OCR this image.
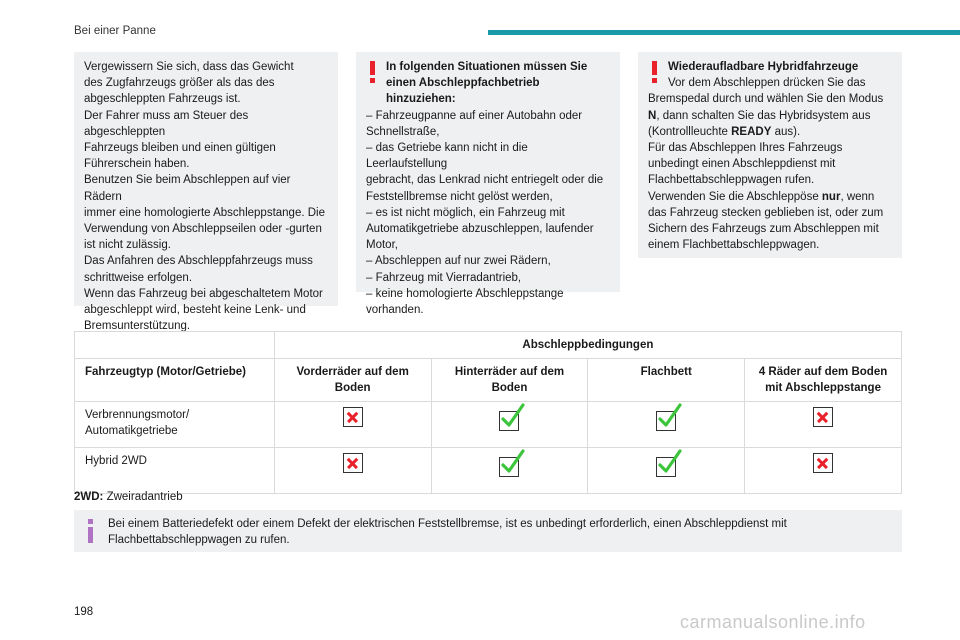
Bei einer Panne

Vergewissern Sie sich, dass das Gewicht

des Zugfahrzeugs größer als das des

abgeschleppten Fahrzeugs ist.

Der Fahrer muss am Steuer des abgeschleppten

Fahrzeugs bleiben und einen gültigen

Führerschein haben.

Benutzen Sie beim Abschleppen auf vier Rädern

immer eine homologierte Abschleppstange. Die

Verwendung von Abschleppseilen oder -gurten

ist nicht zulässig.

Das Anfahren des Abschleppfahrzeugs muss

schrittweise erfolgen.

Wenn das Fahrzeug bei abgeschaltetem Motor

abgeschleppt wird, besteht keine Lenk- und

Bremsunterstützung.

In folgenden Situationen müssen Sie

einen Abschleppfachbetrieb hinzuziehen:

– Fahrzeugpanne auf einer Autobahn oder

Schnellstraße,

– das Getriebe kann nicht in die Leerlaufstellung

gebracht, das Lenkrad nicht entriegelt oder die

Feststellbremse nicht gelöst werden,

– es ist nicht möglich, ein Fahrzeug mit

Automatikgetriebe abzuschleppen, laufender

Motor,

– Abschleppen auf nur zwei Rädern,

– Fahrzeug mit Vierradantrieb,

– keine homologierte Abschleppstange

vorhanden.

Wiederaufladbare Hybridfahrzeuge

Vor dem Abschleppen drücken Sie das

Bremspedal durch und wählen Sie den Modus

N, dann schalten Sie das Hybridsystem aus

(Kontrollleuchte READY aus).

Für das Abschleppen Ihres Fahrzeugs

unbedingt einen Abschleppdienst mit

Flachbettabschleppwagen rufen.

Verwenden Sie die Abschleppöse nur, wenn

das Fahrzeug stecken geblieben ist, oder zum

Sichern des Fahrzeugs zum Abschleppen mit

einem Flachbettabschleppwagen.

	Abschleppbedingungen			
Fahrzeugtyp (Motor/Getriebe)	Vorderräder auf dem Boden	Hinterräder auf dem Boden	Flachbett	4 Räder auf dem Boden mit Abschleppstange
Verbrennungsmotor/ Automatikgetriebe		

Hybrid 2WD		

2WD: Zweiradantrieb
Bei einem Batteriedefekt oder einem Defekt der elektrischen Feststellbremse, ist es unbedingt erforderlich, einen Abschleppdienst mit Flachbettabschleppwagen zu rufen.
198	carmanualsonline.info
